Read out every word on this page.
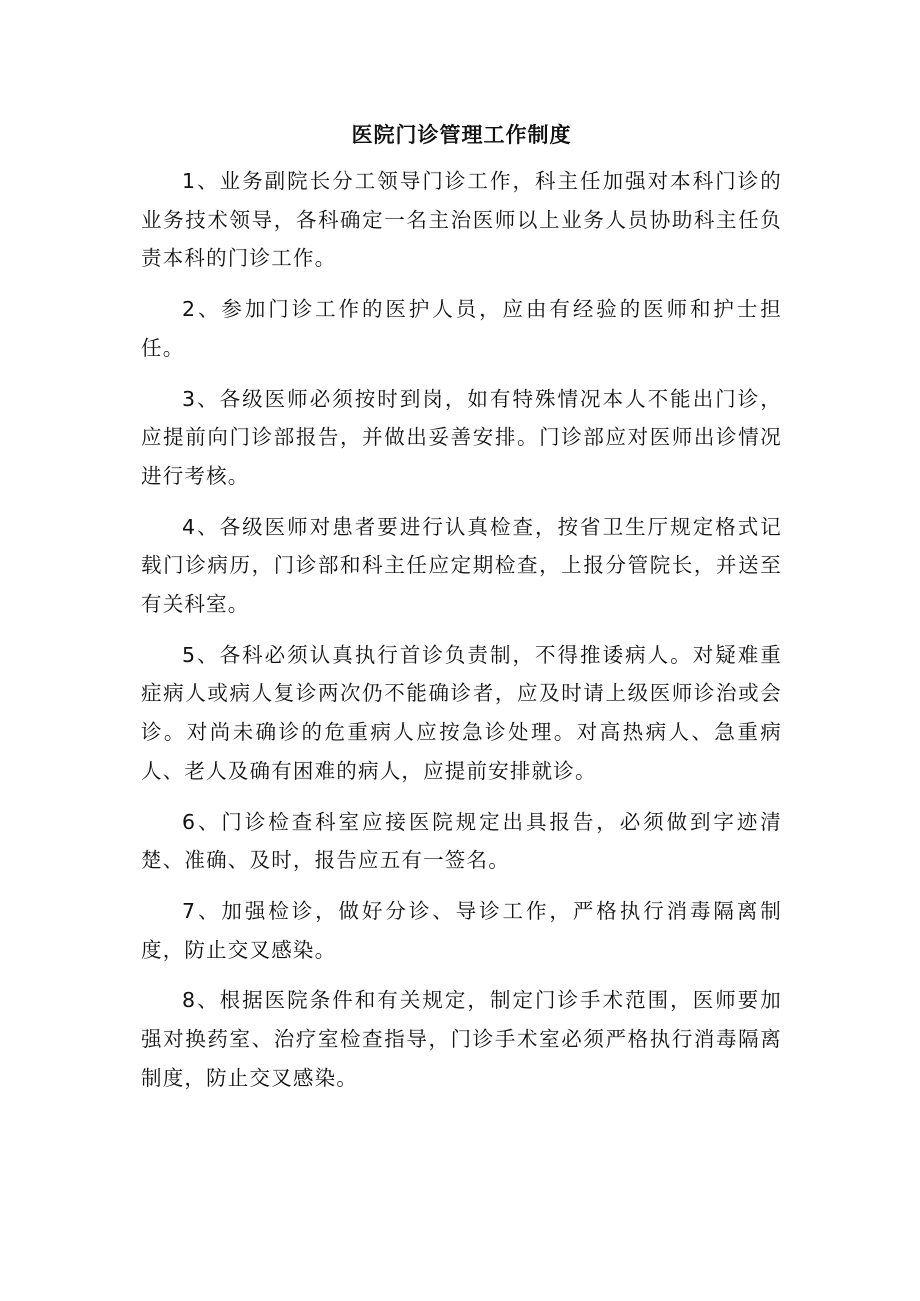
医院门诊管理工作制度

1、业务副院长分工领导门诊工作，科主任加强对本科门诊的业务技术领导，各科确定一名主治医师以上业务人员协助科主任负责本科的门诊工作。

2、参加门诊工作的医护人员，应由有经验的医师和护士担任。

3、各级医师必须按时到岗，如有特殊情况本人不能出门诊，应提前向门诊部报告，并做出妥善安排。门诊部应对医师出诊情况进行考核。

4、各级医师对患者要进行认真检查，按省卫生厅规定格式记载门诊病历，门诊部和科主任应定期检查，上报分管院长，并送至有关科室。

5、各科必须认真执行首诊负责制，不得推诿病人。对疑难重症病人或病人复诊两次仍不能确诊者，应及时请上级医师诊治或会诊。对尚未确诊的危重病人应按急诊处理。对高热病人、急重病人、老人及确有困难的病人，应提前安排就诊。

6、门诊检查科室应接医院规定出具报告，必须做到字迹清楚、准确、及时，报告应五有一签名。

7、加强检诊，做好分诊、导诊工作，严格执行消毒隔离制度，防止交叉感染。

8、根据医院条件和有关规定，制定门诊手术范围，医师要加强对换药室、治疗室检查指导，门诊手术室必须严格执行消毒隔离制度，防止交叉感染。
